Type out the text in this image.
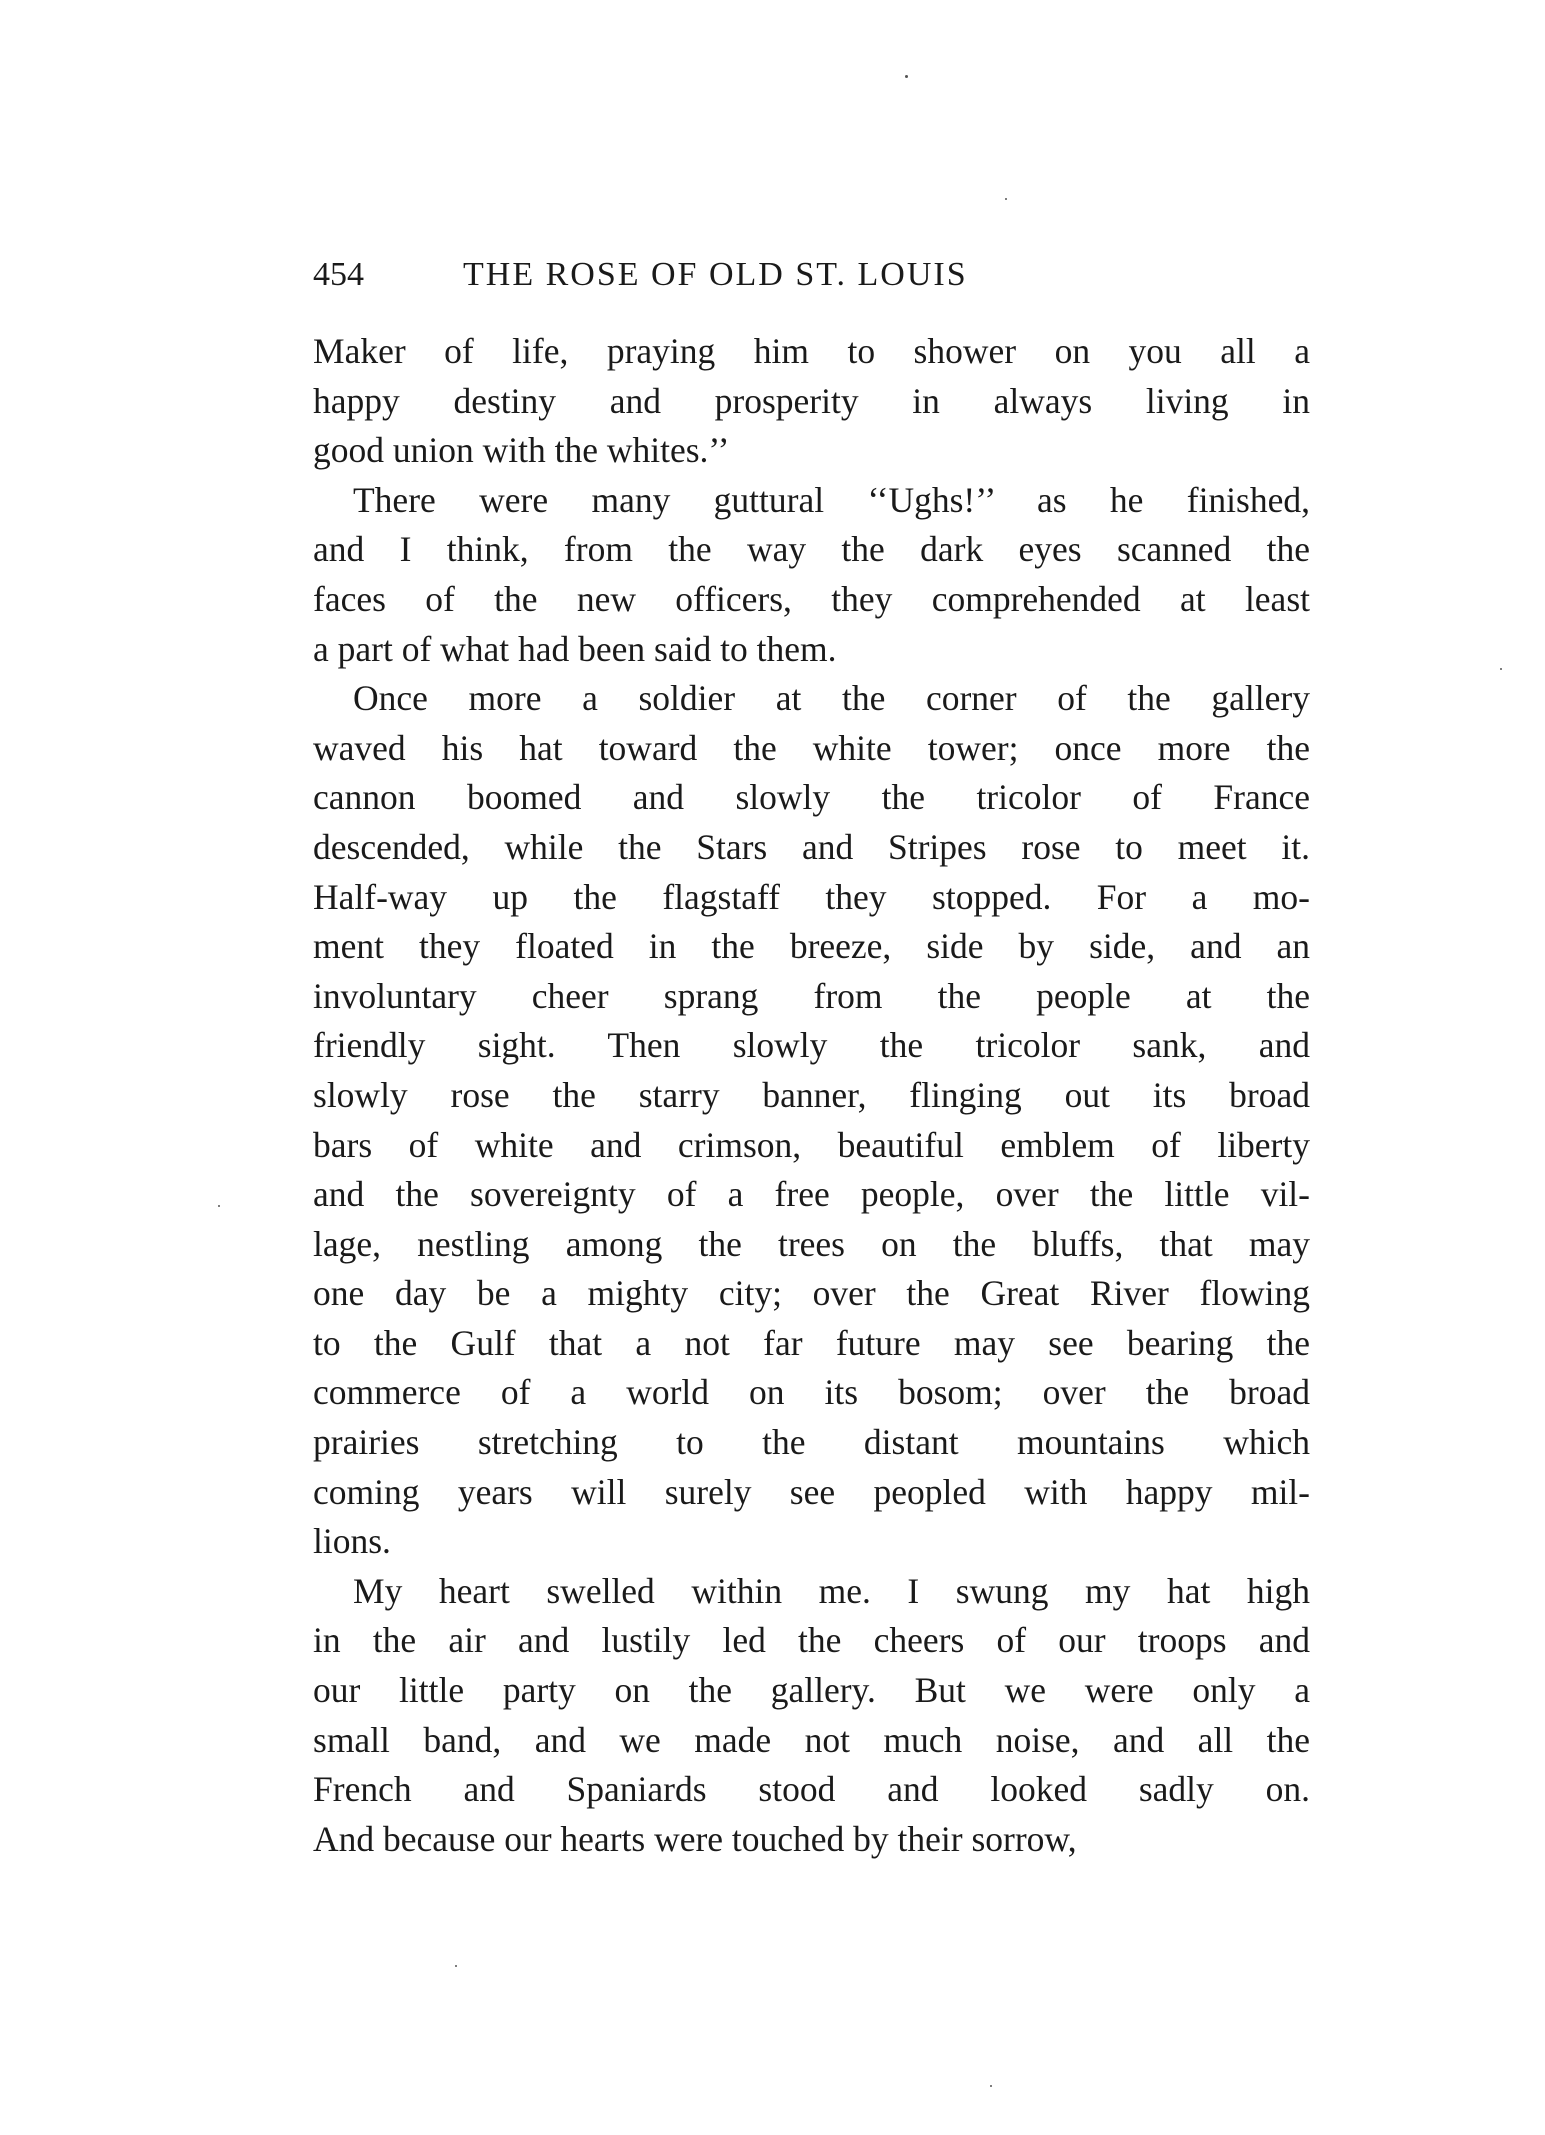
454	THE ROSE OF OLD ST. LOUIS
Maker of life, praying him to shower on you all a
happy destiny and prosperity in always living in
good union with the whites.’’
There were many guttural ‘‘Ughs!’’ as he finished,
and I think, from the way the dark eyes scanned the
faces of the new officers, they comprehended at least
a part of what had been said to them.
Once more a soldier at the corner of the gallery
waved his hat toward the white tower; once more the
cannon boomed and slowly the tricolor of France
descended, while the Stars and Stripes rose to meet it.
Half-way up the flagstaff they stopped. For a mo-
ment they floated in the breeze, side by side, and an
involuntary cheer sprang from the people at the
friendly sight. Then slowly the tricolor sank, and
slowly rose the starry banner, flinging out its broad
bars of white and crimson, beautiful emblem of liberty
and the sovereignty of a free people, over the little vil-
lage, nestling among the trees on the bluffs, that may
one day be a mighty city; over the Great River flowing
to the Gulf that a not far future may see bearing the
commerce of a world on its bosom; over the broad
prairies stretching to the distant mountains which
coming years will surely see peopled with happy mil-
lions.
My heart swelled within me. I swung my hat high
in the air and lustily led the cheers of our troops and
our little party on the gallery. But we were only a
small band, and we made not much noise, and all the
French and Spaniards stood and looked sadly on.
And because our hearts were touched by their sorrow,
